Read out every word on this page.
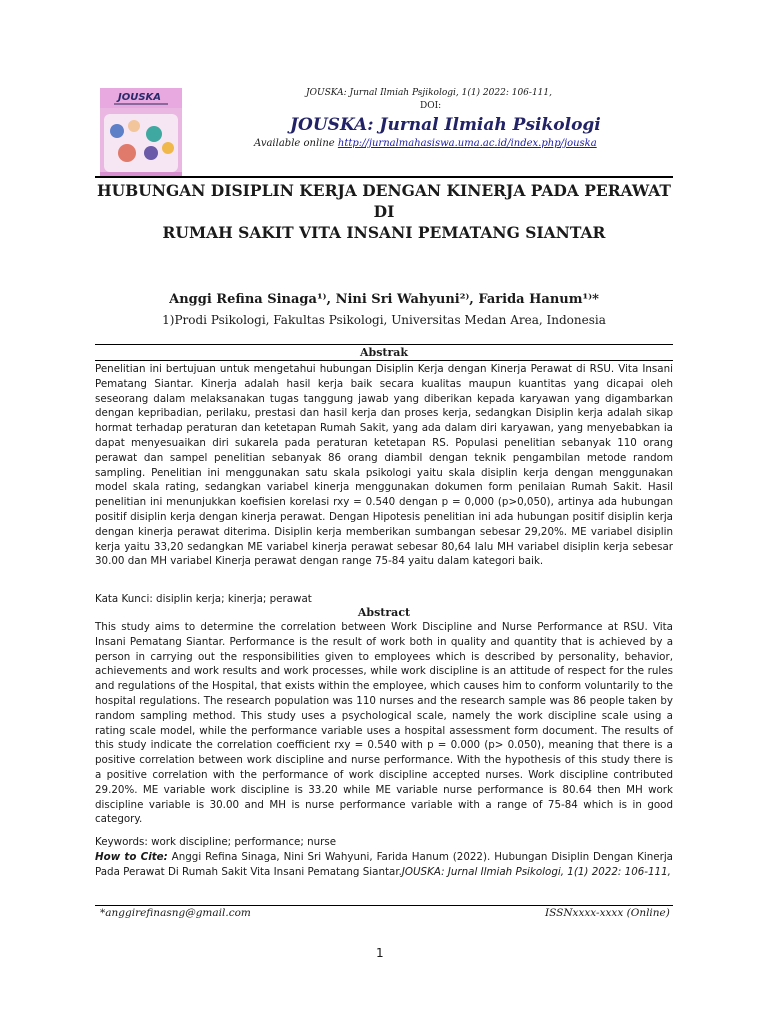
JOUSKA	JOUSKA: Jurnal Ilmiah Psjikologi, 1(1) 2022: 106-111,
DOI:
JOUSKA: Jurnal Ilmiah Psikologi
Available online http://jurnalmahasiswa.uma.ac.id/index.php/jouska
HUBUNGAN DISIPLIN KERJA DENGAN KINERJA PADA PERAWAT DI
RUMAH SAKIT VITA INSANI PEMATANG SIANTAR
Anggi Refina Sinaga¹⁾, Nini Sri Wahyuni²⁾, Farida Hanum¹⁾*
1)Prodi Psikologi, Fakultas Psikologi, Universitas Medan Area, Indonesia
Abstrak
Penelitian ini bertujuan untuk mengetahui hubungan Disiplin Kerja dengan Kinerja Perawat di RSU. Vita Insani Pematang Siantar. Kinerja adalah hasil kerja baik secara kualitas maupun kuantitas yang dicapai oleh seseorang dalam melaksanakan tugas tanggung jawab yang diberikan kepada karyawan yang digambarkan dengan kepribadian, perilaku, prestasi dan hasil kerja dan proses kerja, sedangkan Disiplin kerja adalah sikap hormat terhadap peraturan dan ketetapan Rumah Sakit, yang ada dalam diri karyawan, yang menyebabkan ia dapat menyesuaikan diri sukarela pada peraturan ketetapan RS. Populasi penelitian sebanyak 110 orang perawat dan sampel penelitian sebanyak 86 orang diambil dengan teknik pengambilan metode random sampling. Penelitian ini menggunakan satu skala psikologi yaitu skala disiplin kerja dengan menggunakan model skala rating, sedangkan variabel kinerja menggunakan dokumen form penilaian Rumah Sakit. Hasil penelitian ini menunjukkan koefisien korelasi rxy = 0.540 dengan p = 0,000 (p>0,050), artinya ada hubungan positif disiplin kerja dengan kinerja perawat. Dengan Hipotesis penelitian ini ada hubungan positif disiplin kerja dengan kinerja perawat diterima. Disiplin kerja memberikan sumbangan sebesar 29,20%. ME variabel disiplin kerja yaitu 33,20 sedangkan ME variabel kinerja perawat sebesar 80,64 lalu MH variabel disiplin kerja sebesar 30.00 dan MH variabel Kinerja perawat dengan range 75-84 yaitu dalam kategori baik.
Kata Kunci: disiplin kerja; kinerja; perawat
Abstract
This study aims to determine the correlation between Work Discipline and Nurse Performance at RSU. Vita Insani Pematang Siantar. Performance is the result of work both in quality and quantity that is achieved by a person in carrying out the responsibilities given to employees which is described by personality, behavior, achievements and work results and work processes, while work discipline is an attitude of respect for the rules and regulations of the Hospital, that exists within the employee, which causes him to conform voluntarily to the hospital regulations. The research population was 110 nurses and the research sample was 86 people taken by random sampling method. This study uses a psychological scale, namely the work discipline scale using a rating scale model, while the performance variable uses a hospital assessment form document. The results of this study indicate the correlation coefficient rxy = 0.540 with p = 0.000 (p> 0.050), meaning that there is a positive correlation between work discipline and nurse performance. With the hypothesis of this study there is a positive correlation with the performance of work discipline accepted nurses. Work discipline contributed 29.20%. ME variable work discipline is 33.20 while ME variable nurse performance is 80.64 then MH work discipline variable is 30.00 and MH is nurse performance variable with a range of 75-84 which is in good category.
Keywords: work discipline; performance; nurse
How to Cite: Anggi Refina Sinaga, Nini Sri Wahyuni, Farida Hanum (2022). Hubungan Disiplin Dengan Kinerja Pada Perawat Di Rumah Sakit Vita Insani Pematang Siantar.JOUSKA: Jurnal Ilmiah Psikologi, 1(1) 2022: 106-111,
*anggirefinasng@gmail.com	ISSNxxxx-xxxx (Online)
1
